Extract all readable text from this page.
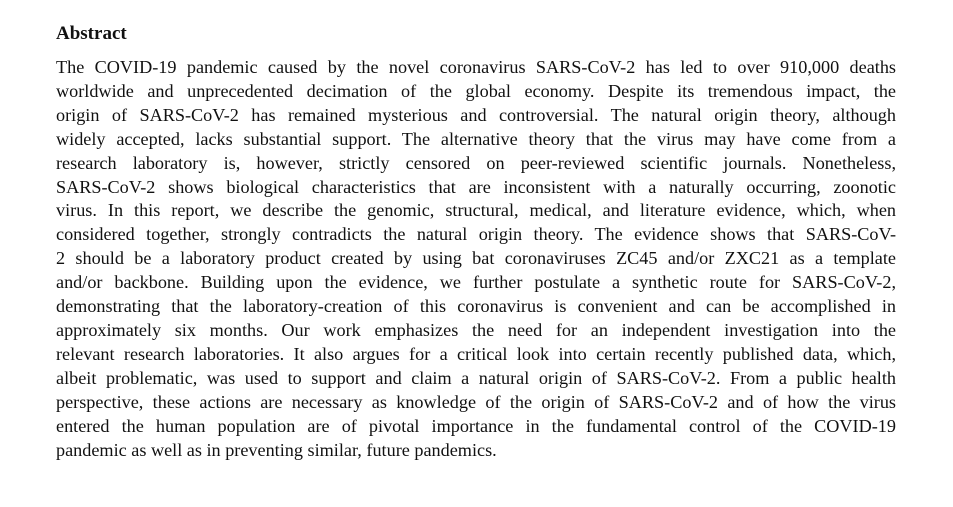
Abstract
The COVID-19 pandemic caused by the novel coronavirus SARS-CoV-2 has led to over 910,000 deaths
worldwide and unprecedented decimation of the global economy. Despite its tremendous impact, the
origin of SARS-CoV-2 has remained mysterious and controversial. The natural origin theory, although
widely accepted, lacks substantial support. The alternative theory that the virus may have come from a
research laboratory is, however, strictly censored on peer-reviewed scientific journals. Nonetheless,
SARS-CoV-2 shows biological characteristics that are inconsistent with a naturally occurring, zoonotic
virus. In this report, we describe the genomic, structural, medical, and literature evidence, which, when
considered together, strongly contradicts the natural origin theory. The evidence shows that SARS-CoV-
2 should be a laboratory product created by using bat coronaviruses ZC45 and/or ZXC21 as a template
and/or backbone. Building upon the evidence, we further postulate a synthetic route for SARS-CoV-2,
demonstrating that the laboratory-creation of this coronavirus is convenient and can be accomplished in
approximately six months. Our work emphasizes the need for an independent investigation into the
relevant research laboratories. It also argues for a critical look into certain recently published data, which,
albeit problematic, was used to support and claim a natural origin of SARS-CoV-2. From a public health
perspective, these actions are necessary as knowledge of the origin of SARS-CoV-2 and of how the virus
entered the human population are of pivotal importance in the fundamental control of the COVID-19
pandemic as well as in preventing similar, future pandemics.
